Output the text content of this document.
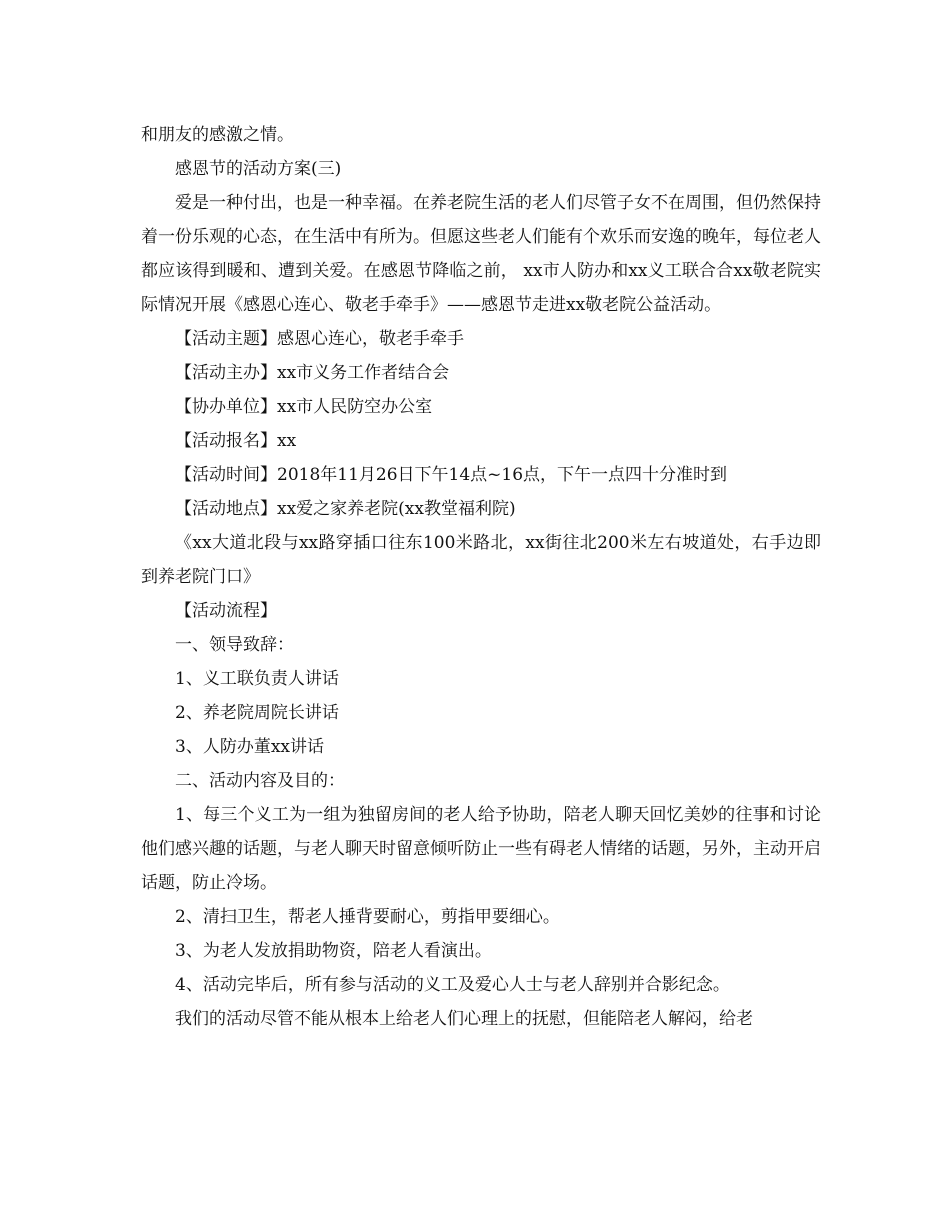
和朋友的感激之情。

感恩节的活动方案(三)

爱是一种付出，也是一种幸福。在养老院生活的老人们尽管子女不在周围，但仍然保持着一份乐观的心态，在生活中有所为。但愿这些老人们能有个欢乐而安逸的晚年，每位老人都应该得到暖和、遭到关爱。在感恩节降临之前， xx市人防办和xx义工联合合xx敬老院实际情况开展《感恩心连心、敬老手牵手》——感恩节走进xx敬老院公益活动。

【活动主题】感恩心连心，敬老手牵手

【活动主办】xx市义务工作者结合会

【协办单位】xx市人民防空办公室

【活动报名】xx

【活动时间】2018年11月26日下午14点~16点，下午一点四十分准时到

【活动地点】xx爱之家养老院(xx教堂福利院)

《xx大道北段与xx路穿插口往东100米路北，xx街往北200米左右坡道处，右手边即到养老院门口》

【活动流程】

一、领导致辞：

1、义工联负责人讲话

2、养老院周院长讲话

3、人防办董xx讲话

二、活动内容及目的：

1、每三个义工为一组为独留房间的老人给予协助，陪老人聊天回忆美妙的往事和讨论他们感兴趣的话题，与老人聊天时留意倾听防止一些有碍老人情绪的话题，另外，主动开启话题，防止冷场。

2、清扫卫生，帮老人捶背要耐心，剪指甲要细心。

3、为老人发放捐助物资，陪老人看演出。

4、活动完毕后，所有参与活动的义工及爱心人士与老人辞别并合影纪念。

我们的活动尽管不能从根本上给老人们心理上的抚慰，但能陪老人解闷，给老
